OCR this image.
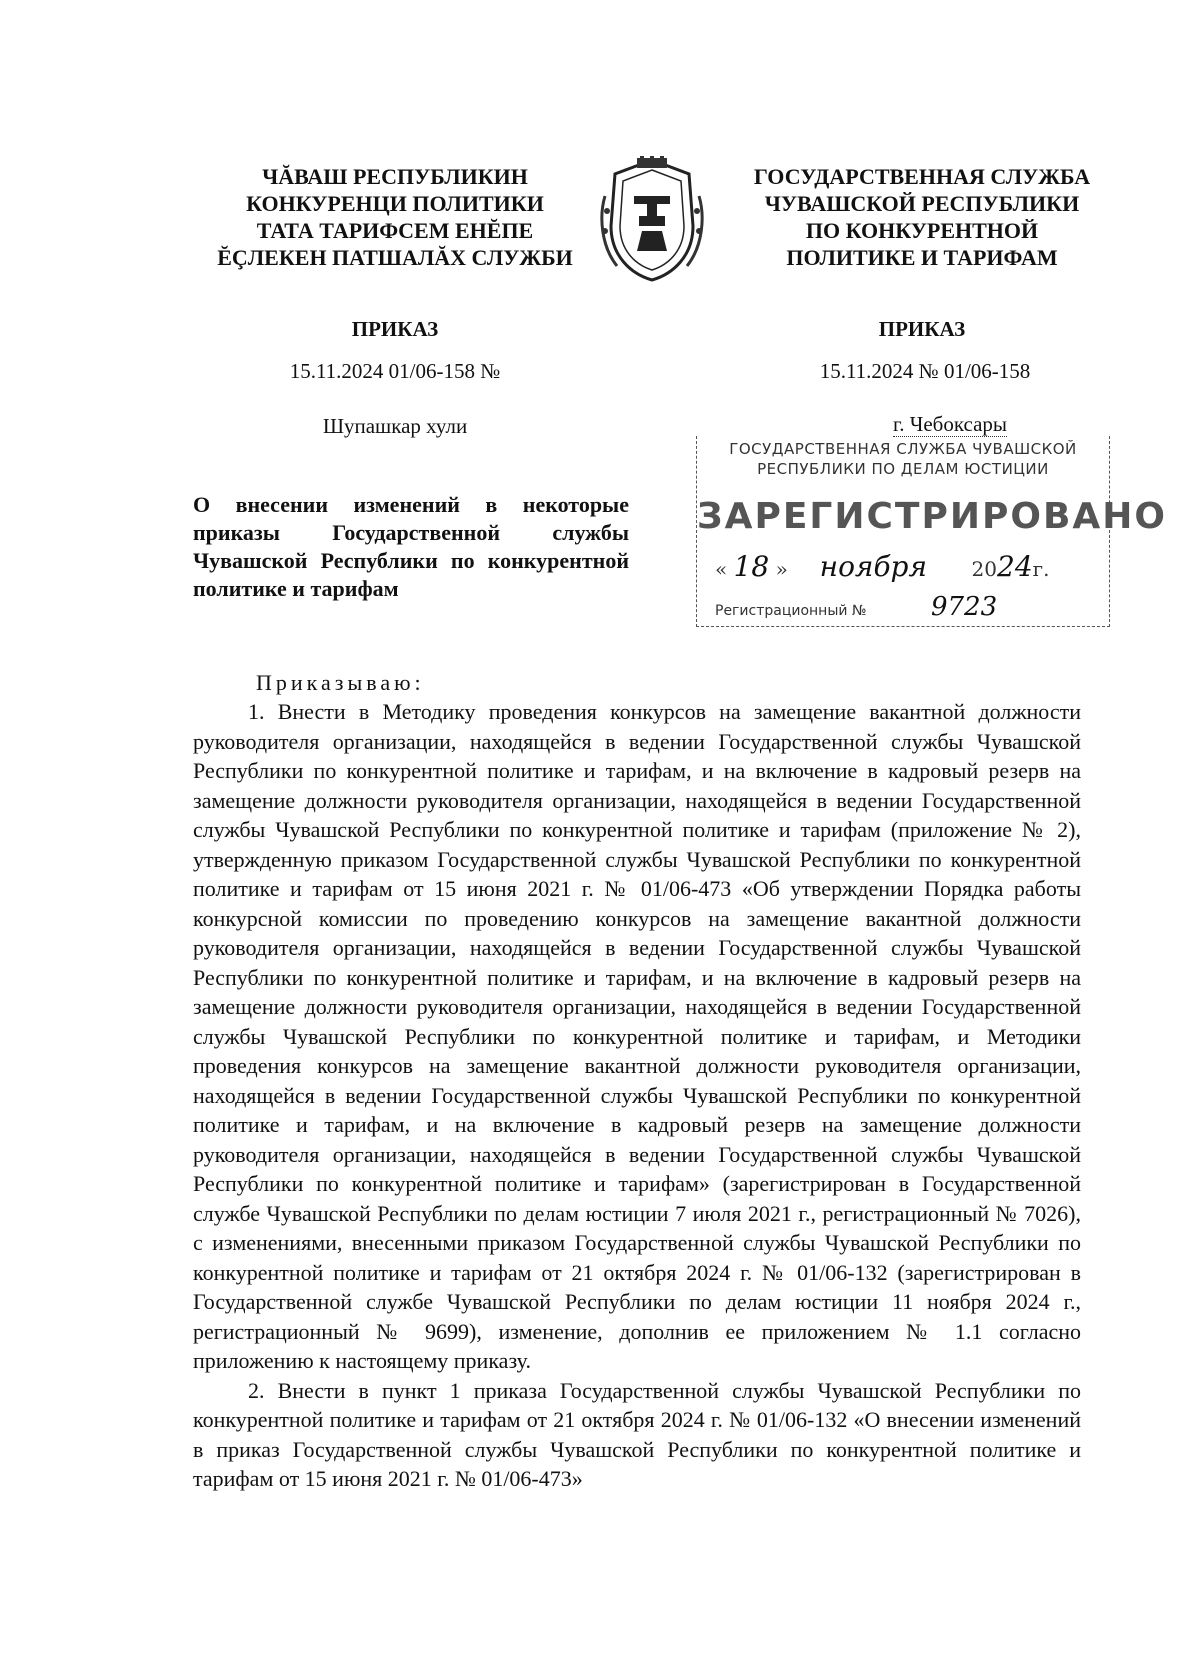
ЧĂВАШ РЕСПУБЛИКИН
КОНКУРЕНЦИ ПОЛИТИКИ
ТАТА ТАРИФСЕМ ЕНĔПЕ
ĔÇЛЕКЕН ПАТШАЛĂХ СЛУЖБИ
ГОСУДАРСТВЕННАЯ СЛУЖБА
ЧУВАШСКОЙ РЕСПУБЛИКИ
ПО КОНКУРЕНТНОЙ
ПОЛИТИКЕ И ТАРИФАМ
ПРИКАЗ	ПРИКАЗ
15.11.2024 01/06-158 №	15.11.2024 № 01/06-158
Шупашкар хули	г. Чебоксары
ГОСУДАРСТВЕННАЯ СЛУЖБА ЧУВАШСКОЙ
РЕСПУБЛИКИ ПО ДЕЛАМ ЮСТИЦИИ
ЗАРЕГИСТРИРОВАНО
« 18 »     ноября 2024г.
Регистрационный № 9723
О внесении изменений в некоторые приказы Государственной службы Чувашской Республики по конкурентной политике и тарифам
Приказываю:

1. Внести в Методику проведения конкурсов на замещение вакантной должности руководителя организации, находящейся в ведении Государственной службы Чувашской Республики по конкурентной политике и тарифам, и на включение в кадровый резерв на замещение должности руководителя организации, находящейся в ведении Государственной службы Чувашской Республики по конкурентной политике и тарифам (приложение № 2), утвержденную приказом Государственной службы Чувашской Республики по конкурентной политике и тарифам от 15 июня 2021 г. № 01/06-473 «Об утверждении Порядка работы конкурсной комиссии по проведению конкурсов на замещение вакантной должности руководителя организации, находящейся в ведении Государственной службы Чувашской Республики по конкурентной политике и тарифам, и на включение в кадровый резерв на замещение должности руководителя организации, находящейся в ведении Государственной службы Чувашской Республики по конкурентной политике и тарифам, и Методики проведения конкурсов на замещение вакантной должности руководителя организации, находящейся в ведении Государственной службы Чувашской Республики по конкурентной политике и тарифам, и на включение в кадровый резерв на замещение должности руководителя организации, находящейся в ведении Государственной службы Чувашской Республики по конкурентной политике и тарифам» (зарегистрирован в Государственной службе Чувашской Республики по делам юстиции 7 июля 2021 г., регистрационный № 7026), с изменениями, внесенными приказом Государственной службы Чувашской Республики по конкурентной политике и тарифам от 21 октября 2024 г. № 01/06-132 (зарегистрирован в Государственной службе Чувашской Республики по делам юстиции 11 ноября 2024 г., регистрационный № 9699), изменение, дополнив ее приложением № 1.1 согласно приложению к настоящему приказу.

2. Внести в пункт 1 приказа Государственной службы Чувашской Республики по конкурентной политике и тарифам от 21 октября 2024 г. № 01/06-132 «О внесении изменений в приказ Государственной службы Чувашской Республики по конкурентной политике и тарифам от 15 июня 2021 г. № 01/06-473»
